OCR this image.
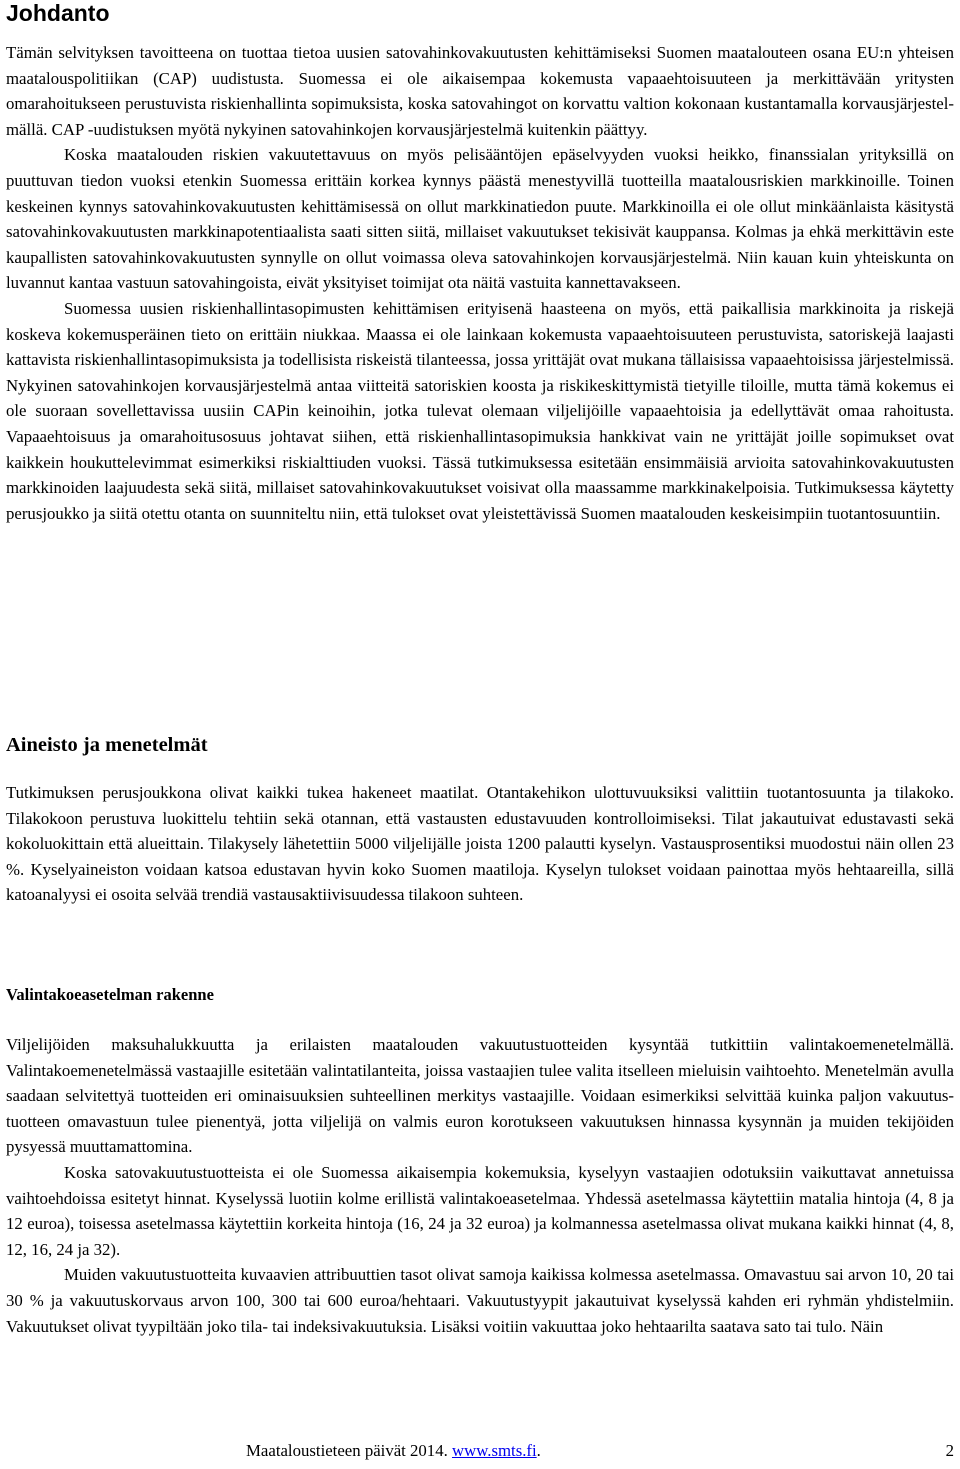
Johdanto

Tämän selvityksen tavoitteena on tuottaa tietoa uusien satovahinkovakuutusten kehittämiseksi Suomen maatalouteen osana EU:n yhteisen maatalouspolitiikan (CAP) uudistusta. Suomessa ei ole aikaisempaa kokemusta vapaaehtoisuuteen ja merkittävään yritysten omarahoitukseen perustuvista riskienhallinta sopimuksista, koska satovahingot on korvattu valtion kokonaan kustantamalla korvausjärjestelmällä. CAP -uudistuksen myötä nykyinen satovahinkojen korvausjärjestelmä kuitenkin päättyy.

Koska maatalouden riskien vakuutettavuus on myös pelisääntöjen epäselvyyden vuoksi heikko, finanssialan yrityksillä on puuttuvan tiedon vuoksi etenkin Suomessa erittäin korkea kynnys päästä menestyvillä tuotteilla maatalousriskien markkinoille. Toinen keskeinen kynnys satovahinkovakuutusten kehittämisessä on ollut markkinatiedon puute. Markkinoilla ei ole ollut minkäänlaista käsitystä satovahinkovakuutusten markkinapotentiaalista saati sitten siitä, millaiset vakuutukset tekisivät kauppansa. Kolmas ja ehkä merkittävin este kaupallisten satovahinkovakuutusten synnylle on ollut voimassa oleva satovahinkojen korvausjärjestelmä. Niin kauan kuin yhteiskunta on luvannut kantaa vastuun satovahingoista, eivät yksityiset toimijat ota näitä vastuita kannettavakseen.

Suomessa uusien riskienhallintasopimusten kehittämisen erityisenä haasteena on myös, että paikallisia markkinoita ja riskejä koskeva kokemusperäinen tieto on erittäin niukkaa. Maassa ei ole lainkaan kokemusta vapaaehtoisuuteen perustuvista, satoriskejä laajasti kattavista riskienhallintasopimuksista ja todellisista riskeistä tilanteessa, jossa yrittäjät ovat mukana tällaisissa vapaaehtoisissa järjestelmissä. Nykyinen satovahinkojen korvausjärjestelmä antaa viitteitä satoriskien koosta ja riskikeskittymistä tietyille tiloille, mutta tämä kokemus ei ole suoraan sovellettavissa uusiin CAPin keinoihin, jotka tulevat olemaan viljelijöille vapaaehtoisia ja edellyttävät omaa rahoitusta. Vapaaehtoisuus ja omarahoitusosuus johtavat siihen, että riskienhallintasopimuksia hankkivat vain ne yrittäjät joille sopimukset ovat kaikkein houkuttelevimmat esimerkiksi riskialttiuden vuoksi. Tässä tutkimuksessa esitetään ensimmäisiä arvioita satovahinkovakuutusten markkinoiden laajuudesta sekä siitä, millaiset satovahinkovakuutukset voisivat olla maassamme markkinakelpoisia. Tutkimuksessa käytetty perusjoukko ja siitä otettu otanta on suunniteltu niin, että tulokset ovat yleistettävissä Suomen maatalouden keskeisimpiin tuotantosuuntiin.

Aineisto ja menetelmät

Tutkimuksen perusjoukkona olivat kaikki tukea hakeneet maatilat. Otantakehikon ulottuvuuksiksi valittiin tuotantosuunta ja tilakoko. Tilakokoon perustuva luokittelu tehtiin sekä otannan, että vastausten edustavuuden kontrolloimiseksi. Tilat jakautuivat edustavasti sekä kokoluokittain että alueittain. Tilakysely lähetettiin 5000 viljelijälle joista 1200 palautti kyselyn. Vastausprosentiksi muodostui näin ollen 23 %. Kyselyaineiston voidaan katsoa edustavan hyvin koko Suomen maatiloja. Kyselyn tulokset voidaan painottaa myös hehtaareilla, sillä katoanalyysi ei osoita selvää trendiä vastausaktiivisuudessa tilakoon suhteen.

Valintakoeasetelman rakenne

Viljelijöiden maksuhalukkuutta ja erilaisten maatalouden vakuutustuotteiden kysyntää tutkittiin valintakoemenetelmällä. Valintakoemenetelmässä vastaajille esitetään valintatilanteita, joissa vastaajien tulee valita itselleen mieluisin vaihtoehto. Menetelmän avulla saadaan selvitettyä tuotteiden eri ominaisuuksien suhteellinen merkitys vastaajille. Voidaan esimerkiksi selvittää kuinka paljon vakuutustuotteen omavastuun tulee pienentyä, jotta viljelijä on valmis euron korotukseen vakuutuksen hinnassa kysynnän ja muiden tekijöiden pysyessä muuttamattomina.

Koska satovakuutustuotteista ei ole Suomessa aikaisempia kokemuksia, kyselyyn vastaajien odotuksiin vaikuttavat annetuissa vaihtoehdoissa esitetyt hinnat. Kyselyssä luotiin kolme erillistä valintakoeasetelmaa. Yhdessä asetelmassa käytettiin matalia hintoja (4, 8 ja 12 euroa), toisessa asetelmassa käytettiin korkeita hintoja (16, 24 ja 32 euroa) ja kolmannessa asetelmassa olivat mukana kaikki hinnat (4, 8, 12, 16, 24 ja 32).

Muiden vakuutustuotteita kuvaavien attribuuttien tasot olivat samoja kaikissa kolmessa asetelmassa. Omavastuu sai arvon 10, 20 tai 30 % ja vakuutuskorvaus arvon 100, 300 tai 600 euroa/hehtaari. Vakuutustyypit jakautuivat kyselyssä kahden eri ryhmän yhdistelmiin. Vakuutukset olivat tyypiltään joko tila- tai indeksivakuutuksia. Lisäksi voitiin vakuuttaa joko hehtaarilta saatava sato tai tulo. Näin

Maataloustieteen päivät 2014. www.smts.fi.	2
